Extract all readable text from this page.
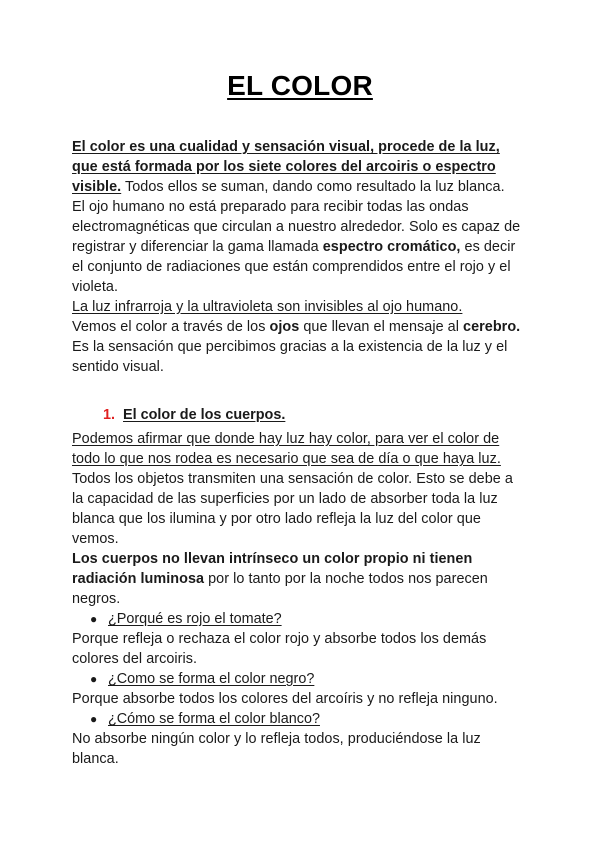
EL COLOR

El color es una cualidad y sensación visual, procede de la luz, que está formada por los siete colores del arcoiris o espectro visible. Todos ellos se suman, dando como resultado la luz blanca.

El ojo humano no está preparado para recibir todas las ondas electromagnéticas que circulan a nuestro alrededor. Solo es capaz de registrar y diferenciar la gama llamada espectro cromático, es decir el conjunto de radiaciones que están comprendidos entre el rojo y el violeta.

La luz infrarroja y la ultravioleta son invisibles al ojo humano.

Vemos el color a través de los ojos que llevan el mensaje al cerebro. Es la sensación que percibimos gracias a la existencia de la luz y el sentido visual.

1. El color de los cuerpos.

Podemos afirmar que donde hay luz hay color, para ver el color de todo lo que nos rodea es necesario que sea de día o que haya luz.

Todos los objetos transmiten una sensación de color. Esto se debe a la capacidad de las superficies por un lado de absorber toda la luz blanca que los ilumina y por otro lado refleja la luz del color que vemos.

Los cuerpos no llevan intrínseco un color propio ni tienen radiación luminosa por lo tanto por la noche todos nos parecen negros.

● ¿Porqué es rojo el tomate?

Porque refleja o rechaza el color rojo y absorbe todos los demás colores del arcoiris.

● ¿Como se forma el color negro?

Porque absorbe todos los colores del arcoíris y no refleja ninguno.

● ¿Cómo se forma el color blanco?

No absorbe ningún color y lo refleja todos, produciéndose la luz blanca.
